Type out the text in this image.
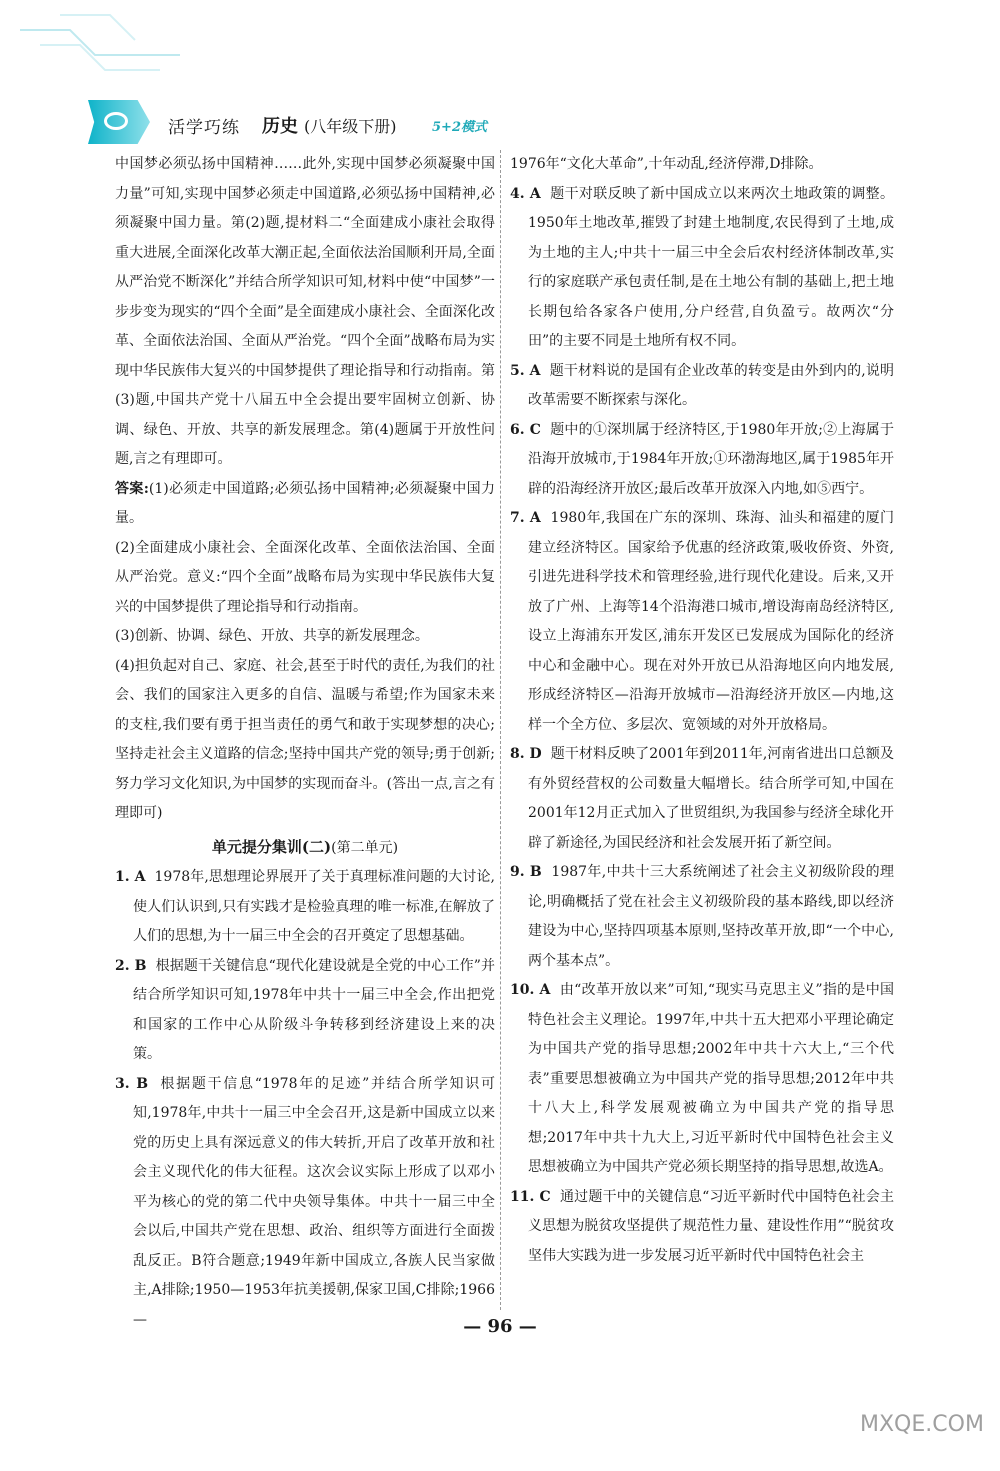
活学巧练 历史 (八年级下册)	5+2模式

中国梦必须弘扬中国精神……此外,实现中国梦必须凝聚中国力量”可知,实现中国梦必须走中国道路,必须弘扬中国精神,必须凝聚中国力量。第(2)题,提材料二“全面建成小康社会取得重大进展,全面深化改革大潮正起,全面依法治国顺利开局,全面从严治党不断深化”并结合所学知识可知,材料中使“中国梦”一步步变为现实的“四个全面”是全面建成小康社会、全面深化改革、全面依法治国、全面从严治党。“四个全面”战略布局为实现中华民族伟大复兴的中国梦提供了理论指导和行动指南。第(3)题,中国共产党十八届五中全会提出要牢固树立创新、协调、绿色、开放、共享的新发展理念。第(4)题属于开放性问题,言之有理即可。

答案:(1)必须走中国道路;必须弘扬中国精神;必须凝聚中国力量。

(2)全面建成小康社会、全面深化改革、全面依法治国、全面从严治党。意义:“四个全面”战略布局为实现中华民族伟大复兴的中国梦提供了理论指导和行动指南。

(3)创新、协调、绿色、开放、共享的新发展理念。

(4)担负起对自己、家庭、社会,甚至于时代的责任,为我们的社会、我们的国家注入更多的自信、温暖与希望;作为国家未来的支柱,我们要有勇于担当责任的勇气和敢于实现梦想的决心;坚持走社会主义道路的信念;坚持中国共产党的领导;勇于创新;努力学习文化知识,为中国梦的实现而奋斗。(答出一点,言之有理即可)

单元提分集训(二)(第二单元)

1. A 1978年,思想理论界展开了关于真理标准问题的大讨论,使人们认识到,只有实践才是检验真理的唯一标准,在解放了人们的思想,为十一届三中全会的召开奠定了思想基础。

2. B 根据题干关键信息“现代化建设就是全党的中心工作”并结合所学知识可知,1978年中共十一届三中全会,作出把党和国家的工作中心从阶级斗争转移到经济建设上来的决策。

3. B 根据题干信息“1978年的足迹”并结合所学知识可知,1978年,中共十一届三中全会召开,这是新中国成立以来党的历史上具有深远意义的伟大转折,开启了改革开放和社会主义现代化的伟大征程。这次会议实际上形成了以邓小平为核心的党的第二代中央领导集体。中共十一届三中全会以后,中国共产党在思想、政治、组织等方面进行全面拨乱反正。B符合题意;1949年新中国成立,各族人民当家做主,A排除;1950—1953年抗美援朝,保家卫国,C排除;1966—

1976年“文化大革命”,十年动乱,经济停滞,D排除。

4. A 题干对联反映了新中国成立以来两次土地政策的调整。1950年土地改革,摧毁了封建土地制度,农民得到了土地,成为土地的主人;中共十一届三中全会后农村经济体制改革,实行的家庭联产承包责任制,是在土地公有制的基础上,把土地长期包给各家各户使用,分户经营,自负盈亏。故两次“分田”的主要不同是土地所有权不同。

5. A 题干材料说的是国有企业改革的转变是由外到内的,说明改革需要不断探索与深化。

6. C 题中的①深圳属于经济特区,于1980年开放;②上海属于沿海开放城市,于1984年开放;①环渤海地区,属于1985年开辟的沿海经济开放区;最后改革开放深入内地,如⑤西宁。

7. A 1980年,我国在广东的深圳、珠海、汕头和福建的厦门建立经济特区。国家给予优惠的经济政策,吸收侨资、外资,引进先进科学技术和管理经验,进行现代化建设。后来,又开放了广州、上海等14个沿海港口城市,增设海南岛经济特区,设立上海浦东开发区,浦东开发区已发展成为国际化的经济中心和金融中心。现在对外开放已从沿海地区向内地发展,形成经济特区—沿海开放城市—沿海经济开放区—内地,这样一个全方位、多层次、宽领域的对外开放格局。

8. D 题干材料反映了2001年到2011年,河南省进出口总额及有外贸经营权的公司数量大幅增长。结合所学可知,中国在2001年12月正式加入了世贸组织,为我国参与经济全球化开辟了新途径,为国民经济和社会发展开拓了新空间。

9. B 1987年,中共十三大系统阐述了社会主义初级阶段的理论,明确概括了党在社会主义初级阶段的基本路线,即以经济建设为中心,坚持四项基本原则,坚持改革开放,即“一个中心,两个基本点”。

10. A 由“改革开放以来”可知,“现实马克思主义”指的是中国特色社会主义理论。1997年,中共十五大把邓小平理论确定为中国共产党的指导思想;2002年中共十六大上,“三个代表”重要思想被确立为中国共产党的指导思想;2012年中共十八大上,科学发展观被确立为中国共产党的指导思想;2017年中共十九大上,习近平新时代中国特色社会主义思想被确立为中国共产党必须长期坚持的指导思想,故选A。

11. C 通过题干中的关键信息“习近平新时代中国特色社会主义思想为脱贫攻坚提供了规范性力量、建设性作用”“脱贫攻坚伟大实践为进一步发展习近平新时代中国特色社会主

— 96 —
MXQE.COM
